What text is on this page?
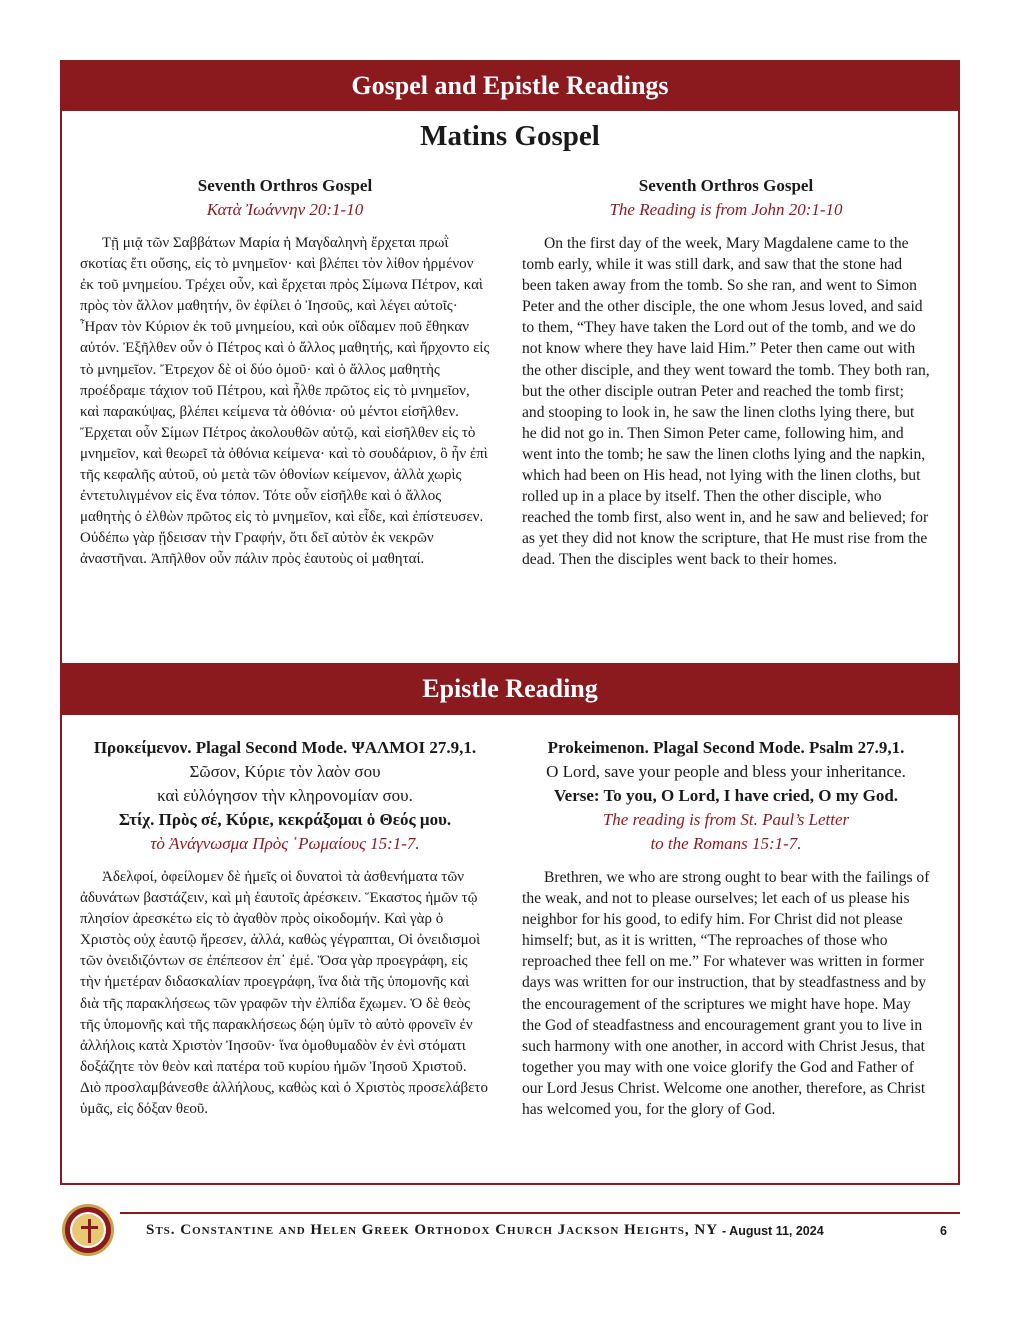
Gospel and Epistle Readings
Matins Gospel
Seventh Orthros Gospel
Κατὰ Ἰωάννην 20:1-10

Τῇ μιᾷ τῶν Σαββάτων Μαρία ἡ Μαγδαληνὴ ἔρχεται πρωῒ σκοτίας ἔτι οὔσης, εἰς τὸ μνημεῖον· καὶ βλέπει τὸν λίθον ἠρμένον ἐκ τοῦ μνημείου. Τρέχει οὖν, καὶ ἔρχεται πρὸς Σίμωνα Πέτρον, καὶ πρὸς τὸν ἄλλον μαθητήν, ὃν ἐφίλει ὁ Ἰησοῦς, καὶ λέγει αὐτοῖς· Ἦραν τὸν Κύριον ἐκ τοῦ μνημείου, καὶ οὐκ οἴδαμεν ποῦ ἔθηκαν αὐτόν. Ἐξῆλθεν οὖν ὁ Πέτρος καὶ ὁ ἄλλος μαθητής, καὶ ἤρχοντο εἰς τὸ μνημεῖον. Ἔτρεχον δὲ οἱ δύο ὁμοῦ· καὶ ὁ ἄλλος μαθητὴς προέδραμε τάχιον τοῦ Πέτρου, καὶ ἦλθε πρῶτος εἰς τὸ μνημεῖον, καὶ παρακύψας, βλέπει κείμενα τὰ ὀθόνια· οὐ μέντοι εἰσῆλθεν. Ἔρχεται οὖν Σίμων Πέτρος ἀκολουθῶν αὐτῷ, καὶ εἰσῆλθεν εἰς τὸ μνημεῖον, καὶ θεωρεῖ τὰ ὀθόνια κείμενα· καὶ τὸ σουδάριον, ὃ ἦν ἐπὶ τῆς κεφαλῆς αὐτοῦ, οὐ μετὰ τῶν ὀθονίων κείμενον, ἀλλὰ χωρὶς ἐντετυλιγμένον εἰς ἕνα τόπον. Τότε οὖν εἰσῆλθε καὶ ὁ ἄλλος μαθητὴς ὁ ἐλθὼν πρῶτος εἰς τὸ μνημεῖον, καὶ εἶδε, καὶ ἐπίστευσεν. Οὐδέπω γὰρ ᾔδεισαν τὴν Γραφήν, ὅτι δεῖ αὐτὸν ἐκ νεκρῶν ἀναστῆναι. Ἀπῆλθον οὖν πάλιν πρὸς ἑαυτοὺς οἱ μαθηταί.

Seventh Orthros Gospel
The Reading is from John 20:1-10

On the first day of the week, Mary Magdalene came to the tomb early, while it was still dark, and saw that the stone had been taken away from the tomb. So she ran, and went to Simon Peter and the other disciple, the one whom Jesus loved, and said to them, “They have taken the Lord out of the tomb, and we do not know where they have laid Him.” Peter then came out with the other disciple, and they went toward the tomb. They both ran, but the other disciple outran Peter and reached the tomb first; and stooping to look in, he saw the linen cloths lying there, but he did not go in. Then Simon Peter came, following him, and went into the tomb; he saw the linen cloths lying and the napkin, which had been on His head, not lying with the linen cloths, but rolled up in a place by itself. Then the other disciple, who reached the tomb first, also went in, and he saw and believed; for as yet they did not know the scripture, that He must rise from the dead. Then the disciples went back to their homes.

Epistle Reading
Προκείμενον. Plagal Second Mode. ΨΑΛΜΟΙ 27.9,1.
Σῶσον, Κύριε τὸν λαὸν σου
καὶ εὐλόγησον τὴν κληρονομίαν σου.
Στίχ. Πρὸς σέ, Κύριε, κεκράξομαι ὁ Θεός μου.
τὸ Ἀνάγνωσμα Πρὸς ῾Ρωμαίους 15:1-7.

Ἀδελφοί, ὀφείλομεν δὲ ἡμεῖς οἱ δυνατοὶ τὰ ἀσθενήματα τῶν ἀδυνάτων βαστάζειν, καὶ μὴ ἑαυτοῖς ἀρέσκειν. Ἕκαστος ἡμῶν τῷ πλησίον ἀρεσκέτω εἰς τὸ ἀγαθὸν πρὸς οἰκοδομήν. Καὶ γὰρ ὁ Χριστὸς οὐχ ἑαυτῷ ἤρεσεν, ἀλλά, καθὼς γέγραπται, Οἱ ὀνειδισμοὶ τῶν ὀνειδιζόντων σε ἐπέπεσον ἐπ᾽ ἐμέ. Ὅσα γὰρ προεγράφη, εἰς τὴν ἡμετέραν διδασκαλίαν προεγράφη, ἵνα διὰ τῆς ὑπομονῆς καὶ διὰ τῆς παρακλήσεως τῶν γραφῶν τὴν ἐλπίδα ἔχωμεν. Ὁ δὲ θεὸς τῆς ὑπομονῆς καὶ τῆς παρακλήσεως δῴη ὑμῖν τὸ αὐτὸ φρονεῖν ἐν ἀλλήλοις κατὰ Χριστὸν Ἰησοῦν· ἵνα ὁμοθυμαδὸν ἐν ἑνὶ στόματι δοξάζητε τὸν θεὸν καὶ πατέρα τοῦ κυρίου ἡμῶν Ἰησοῦ Χριστοῦ. Διὸ προσλαμβάνεσθε ἀλλήλους, καθὼς καὶ ὁ Χριστὸς προσελάβετο ὑμᾶς, εἰς δόξαν θεοῦ.

Prokeimenon. Plagal Second Mode. Psalm 27.9,1.
O Lord, save your people and bless your inheritance.
Verse: To you, O Lord, I have cried, O my God.
The reading is from St. Paul’s Letter
to the Romans 15:1-7.

Brethren, we who are strong ought to bear with the failings of the weak, and not to please ourselves; let each of us please his neighbor for his good, to edify him. For Christ did not please himself; but, as it is written, “The reproaches of those who reproached thee fell on me.” For whatever was written in former days was written for our instruction, that by steadfastness and by the encouragement of the scriptures we might have hope. May the God of steadfastness and encouragement grant you to live in such harmony with one another, in accord with Christ Jesus, that together you may with one voice glorify the God and Father of our Lord Jesus Christ. Welcome one another, therefore, as Christ has welcomed you, for the glory of God.

Sts. Constantine and Helen Greek Orthodox Church Jackson Heights, NY - August 11, 2024	6
